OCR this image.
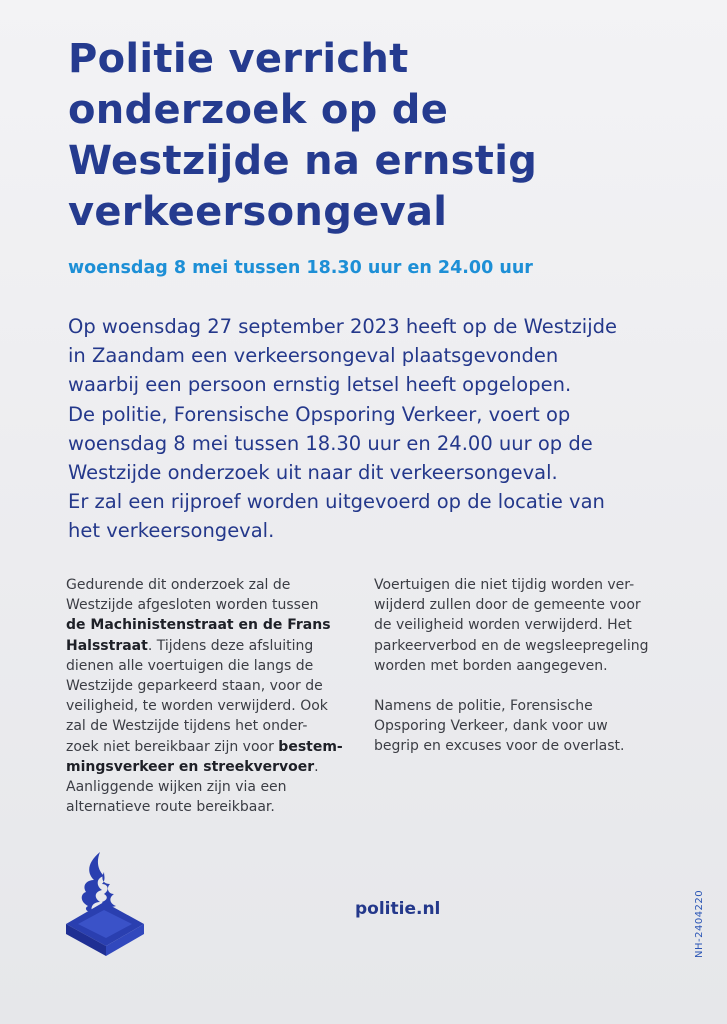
Politie verricht
onderzoek op de
Westzijde na ernstig
verkeersongeval
woensdag 8 mei tussen 18.30 uur en 24.00 uur
Op woensdag 27 september 2023 heeft op de Westzijde
in Zaandam een verkeersongeval plaatsgevonden
waarbij een persoon ernstig letsel heeft opgelopen.
De politie, Forensische Opsporing Verkeer, voert op
woensdag 8 mei tussen 18.30 uur en 24.00 uur op de
Westzijde onderzoek uit naar dit verkeersongeval.
Er zal een rijproef worden uitgevoerd op de locatie van
het verkeersongeval.
Gedurende dit onderzoek zal de
Westzijde afgesloten worden tussen
de Machinistenstraat en de Frans
Halsstraat. Tijdens deze afsluiting
dienen alle voertuigen die langs de
Westzijde geparkeerd staan, voor de
veiligheid, te worden verwijderd. Ook
zal de Westzijde tijdens het onder-
zoek niet bereikbaar zijn voor bestem-
mingsverkeer en streekvervoer.
Aanliggende wijken zijn via een
alternatieve route bereikbaar.
Voertuigen die niet tijdig worden ver-
wijderd zullen door de gemeente voor
de veiligheid worden verwijderd. Het
parkeerverbod en de wegsleepregeling
worden met borden aangegeven.
Namens de politie, Forensische
Opsporing Verkeer, dank voor uw
begrip en excuses voor de overlast.
politie.nl	NH-2404220
